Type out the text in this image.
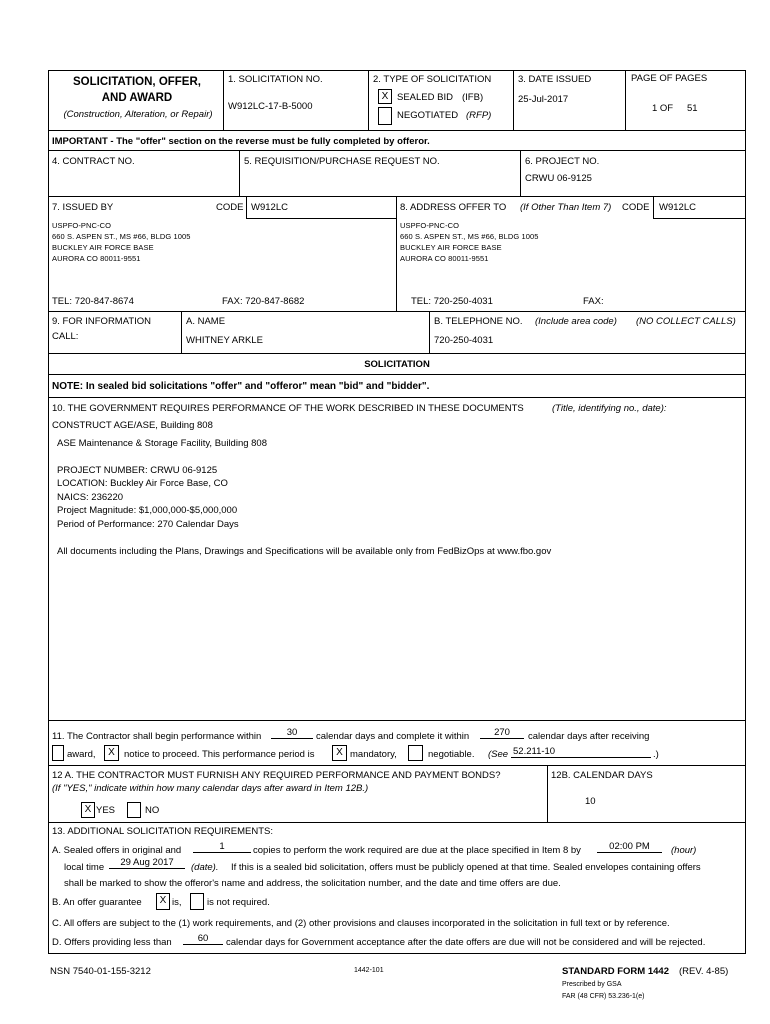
SOLICITATION, OFFER,
AND AWARD
(Construction, Alteration, or Repair)
1. SOLICITATION NO.
W912LC-17-B-5000
2. TYPE OF SOLICITATION
X SEALED BID (IFB)
NEGOTIATED (RFP)
3. DATE ISSUED
25-Jul-2017
PAGE OF PAGES
1 OF 51
IMPORTANT - The "offer" section on the reverse must be fully completed by offeror.
4. CONTRACT NO.	5. REQUISITION/PURCHASE REQUEST NO.	6. PROJECT NO.
CRWU 06-9125
7. ISSUED BY	CODE W912LC
USPFO-PNC-CO
660 S. ASPEN ST., MS #66, BLDG 1005
BUCKLEY AIR FORCE BASE
AURORA CO 80011-9551
TEL: 720-847-8674	FAX: 720-847-8682
8. ADDRESS OFFER TO (If Other Than Item 7) CODE W912LC
USPFO-PNC-CO
660 S. ASPEN ST., MS #66, BLDG 1005
BUCKLEY AIR FORCE BASE
AURORA CO 80011-9551
TEL: 720-250-4031	FAX:
9. FOR INFORMATION
CALL:
A. NAME
WHITNEY ARKLE
B. TELEPHONE NO. (Include area code) (NO COLLECT CALLS)
720-250-4031
SOLICITATION
NOTE: In sealed bid solicitations "offer" and "offeror" mean "bid" and "bidder".
10. THE GOVERNMENT REQUIRES PERFORMANCE OF THE WORK DESCRIBED IN THESE DOCUMENTS	(Title, identifying no., date):
CONSTRUCT AGE/ASE, Building 808
ASE Maintenance & Storage Facility, Building 808
PROJECT NUMBER: CRWU 06-9125
LOCATION: Buckley Air Force Base, CO
NAICS: 236220
Project Magnitude: $1,000,000-$5,000,000
Period of Performance: 270 Calendar Days
All documents including the Plans, Drawings and Specifications will be available only from FedBizOps at www.fbo.gov
11. The Contractor shall begin performance within	30	calendar days and complete it within	270	calendar days after receiving
award,	X notice to proceed. This performance period is	X mandatory,	negotiable. (See 52.211-10	.)
12 A. THE CONTRACTOR MUST FURNISH ANY REQUIRED PERFORMANCE AND PAYMENT BONDS?
(If "YES," indicate within how many calendar days after award in Item 12B.)
X YES	NO
12B. CALENDAR DAYS
10
13. ADDITIONAL SOLICITATION REQUIREMENTS:
A. Sealed offers in original and	1	copies to perform the work required are due at the place specified in Item 8 by	02:00 PM	(hour)
local time	29 Aug 2017	(date). If this is a sealed bid solicitation, offers must be publicly opened at that time. Sealed envelopes containing offers
shall be marked to show the offeror's name and address, the solicitation number, and the date and time offers are due.
B. An offer guarantee	X is,	is not required.
C. All offers are subject to the (1) work requirements, and (2) other provisions and clauses incorporated in the solicitation in full text or by reference.
D. Offers providing less than	60	calendar days for Government acceptance after the date offers are due will not be considered and will be rejected.
NSN 7540-01-155-3212	1442-101	STANDARD FORM 1442 (REV. 4-85)
Prescribed by GSA
FAR (48 CFR) 53.236-1(e)
